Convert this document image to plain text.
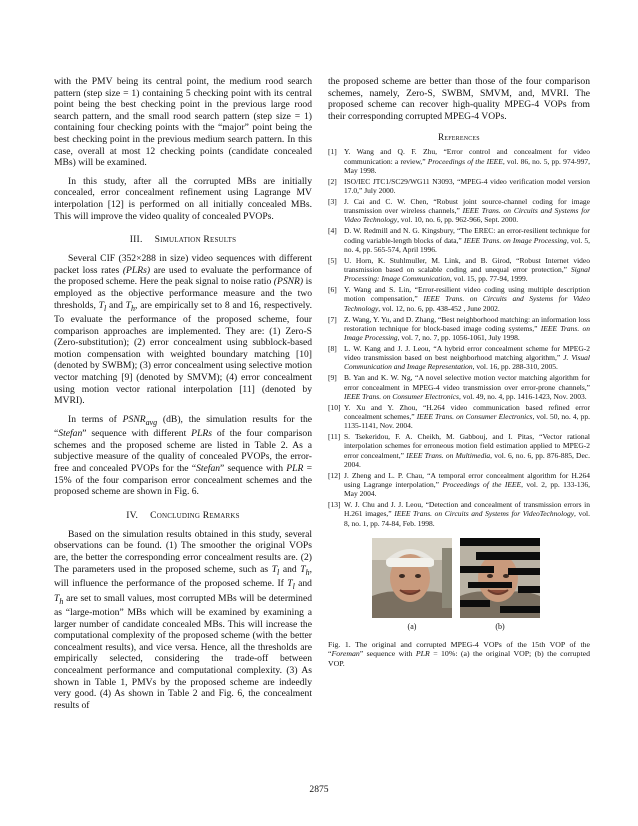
with the PMV being its central point, the medium rood search pattern (step size = 1) containing 5 checking point with its central point being the best checking point in the previous large rood search pattern, and the small rood search pattern (step size = 1) containing four checking points with the “major” point being the best checking point in the previous medium search pattern. In this case, overall at most 12 checking points (candidate concealed MBs) will be examined.

In this study, after all the corrupted MBs are initially concealed, error concealment refinement using Lagrange MV interpolation [12] is performed on all initially concealed MBs. This will improve the video quality of concealed PVOPs.

III. Simulation Results

Several CIF (352×288 in size) video sequences with different packet loss rates (PLRs) are used to evaluate the performance of the proposed scheme. Here the peak signal to noise ratio (PSNR) is employed as the objective performance measure and the two thresholds, $T_l$ and $T_h$, are empirically set to 8 and 16, respectively. To evaluate the performance of the proposed scheme, four comparison approaches are implemented. They are: (1) Zero-S (Zero-substitution); (2) error concealment using subblock-based motion compensation with weighted boundary matching [10] (denoted by SWBM); (3) error concealment using selective motion vector matching [9] (denoted by SMVM); (4) error concealment using motion vector rational interpolation [11] (denoted by MVRI).

In terms of $PSNR_{avg}$ (dB), the simulation results for the “Stefan” sequence with different PLRs of the four comparison schemes and the proposed scheme are listed in Table 2. As a subjective measure of the quality of concealed PVOPs, the error-free and concealed PVOPs for the “Stefan” sequence with PLR = 15% of the four comparison error concealment schemes and the proposed scheme are shown in Fig. 6.

IV. Concluding Remarks

Based on the simulation results obtained in this study, several observations can be found. (1) The smoother the original VOPs are, the better the corresponding error concealment results are. (2) The parameters used in the proposed scheme, such as $T_l$ and $T_h$, will influence the performance of the proposed scheme. If $T_l$ and $T_h$ are set to small values, most corrupted MBs will be determined as “large-motion” MBs which will be examined by examining a larger number of candidate concealed MBs. This will increase the computational complexity of the proposed scheme (with the better concealment results), and vice versa. Hence, all the thresholds are empirically selected, considering the trade-off between concealment performance and computational complexity. (3) As shown in Table 1, PMVs by the proposed scheme are indeedly very good. (4) As shown in Table 2 and Fig. 6, the concealment results of

the proposed scheme are better than those of the four comparison schemes, namely, Zero-S, SWBM, SMVM, and, MVRI. The proposed scheme can recover high-quality MPEG-4 VOPs from their corresponding corrupted MPEG-4 VOPs.

References
[1] Y. Wang and Q. F. Zhu, “Error control and concealment for video communication: a review,” Proceedings of the IEEE, vol. 86, no. 5, pp. 974-997, May 1998.
[2] ISO/IEC JTC1/SC29/WG11 N3093, “MPEG-4 video verification model version 17.0,” July 2000.
[3] J. Cai and C. W. Chen, “Robust joint source-channel coding for image transmission over wireless channels,” IEEE Trans. on Circuits and Systems for Video Technology, vol. 10, no. 6, pp. 962-966, Sept. 2000.
[4] D. W. Redmill and N. G. Kingsbury, “The EREC: an error-resilient technique for coding variable-length blocks of data,” IEEE Trans. on Image Processing, vol. 5, no. 4, pp. 565-574, April 1996.
[5] U. Horn, K. Stuhlmuller, M. Link, and B. Girod, “Robust Internet video transmission based on scalable coding and unequal error protection,” Signal Processing: Image Communication, vol. 15, pp. 77-94, 1999.
[6] Y. Wang and S. Lin, “Error-resilient video coding using multiple description motion compensation,” IEEE Trans. on Circuits and Systems for Video Technology, vol. 12, no. 6, pp. 438-452 , June 2002.
[7] Z. Wang, Y. Yu, and D. Zhang, “Best neighborhood matching: an information loss restoration technique for block-based image coding systems,” IEEE Trans. on Image Processing, vol. 7, no. 7, pp. 1056-1061, July 1998.
[8] L. W. Kang and J. J. Leou, “A hybrid error concealment scheme for MPEG-2 video transmission based on best neighborhood matching algorithm,” J. Visual Communication and Image Representation, vol. 16, pp. 288-310, 2005.
[9] B. Yan and K. W. Ng, “A novel selective motion vector matching algorithm for error concealment in MPEG-4 video transmission over error-prone channels,” IEEE Trans. on Consumer Electronics, vol. 49, no. 4, pp. 1416-1423, Nov. 2003.
[10] Y. Xu and Y. Zhou, “H.264 video communication based refined error concealment schemes,” IEEE Trans. on Consumer Electronics, vol. 50, no. 4, pp. 1135-1141, Nov. 2004.
[11] S. Tsekeridou, F. A. Cheikh, M. Gabbouj, and I. Pitas, “Vector rational interpolation schemes for erroneous motion field estimation applied to MPEG-2 error concealment,” IEEE Trans. on Multimedia, vol. 6, no. 6, pp. 876-885, Dec. 2004.
[12] J. Zheng and L. P. Chau, “A temporal error concealment algorithm for H.264 using Lagrange interpolation,” Proceedings of the IEEE, vol. 2, pp. 133-136, May 2004.
[13] W. J. Chu and J. J. Leou, “Detection and concealment of transmission errors in H.261 images,” IEEE Trans. on Circuits and Systems for VideoTechnology, vol. 8, no. 1, pp. 74-84, Feb. 1998.
(a)	(b)
Fig. 1. The original and corrupted MPEG-4 VOPs of the 15th VOP of the “Foreman” sequence with PLR = 10%: (a) the original VOP; (b) the corrupted VOP.
2875
